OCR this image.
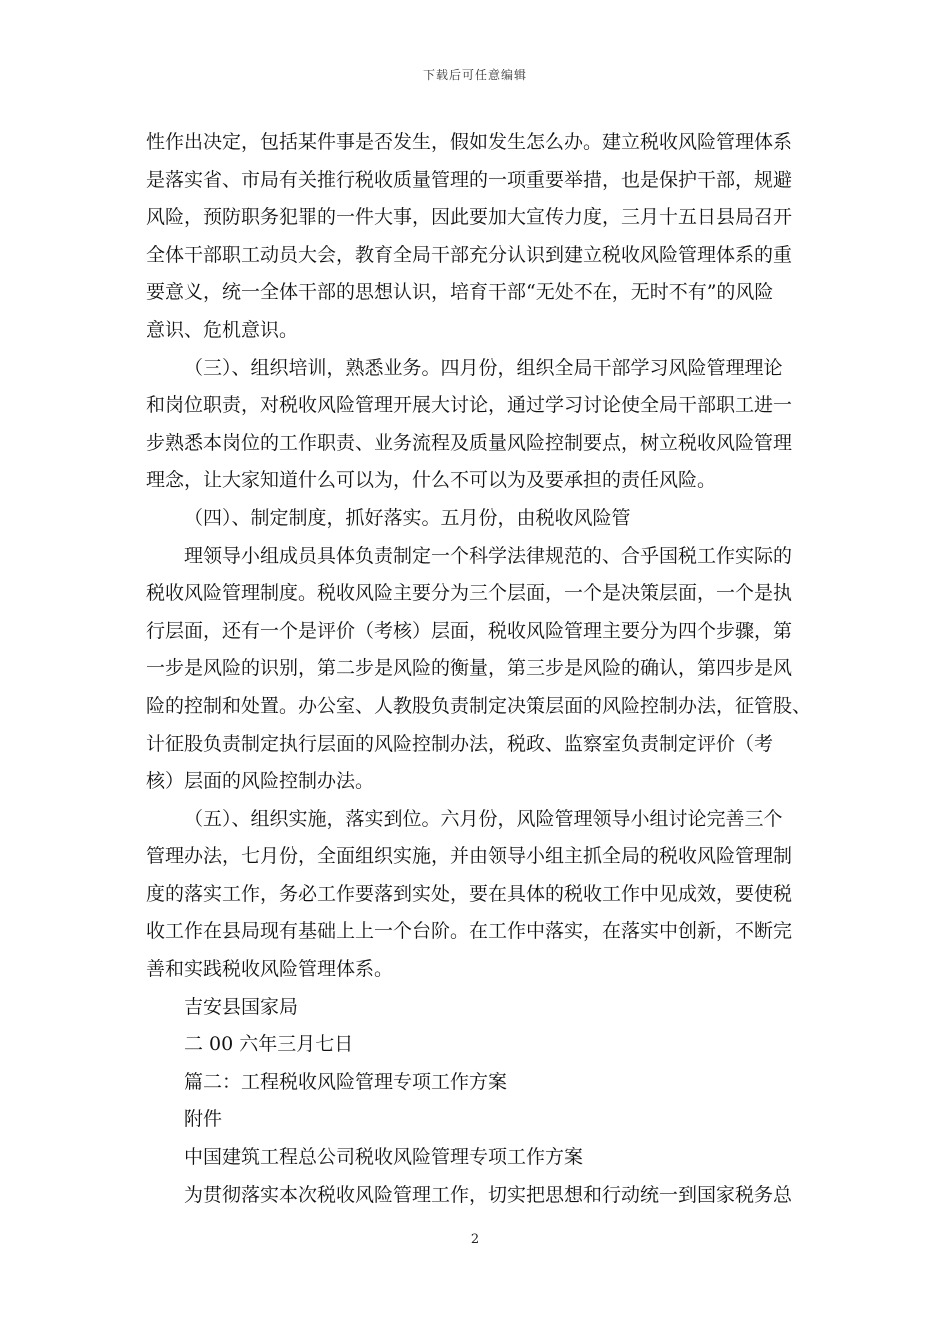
下载后可任意编辑
性作出决定，包括某件事是否发生，假如发生怎么办。建立税收风险管理体系
是落实省、市局有关推行税收质量管理的一项重要举措，也是保护干部，规避
风险，预防职务犯罪的一件大事，因此要加大宣传力度，三月十五日县局召开
全体干部职工动员大会，教育全局干部充分认识到建立税收风险管理体系的重
要意义，统一全体干部的思想认识，培育干部“无处不在，无时不有”的风险
意识、危机意识。
（三）、组织培训，熟悉业务。四月份，组织全局干部学习风险管理理论
和岗位职责，对税收风险管理开展大讨论，通过学习讨论使全局干部职工进一
步熟悉本岗位的工作职责、业务流程及质量风险控制要点，树立税收风险管理
理念，让大家知道什么可以为，什么不可以为及要承担的责任风险。
（四）、制定制度，抓好落实。五月份，由税收风险管
理领导小组成员具体负责制定一个科学法律规范的、合乎国税工作实际的
税收风险管理制度。税收风险主要分为三个层面，一个是决策层面，一个是执
行层面，还有一个是评价（考核）层面，税收风险管理主要分为四个步骤，第
一步是风险的识别，第二步是风险的衡量，第三步是风险的确认，第四步是风
险的控制和处置。办公室、人教股负责制定决策层面的风险控制办法，征管股、
计征股负责制定执行层面的风险控制办法，税政、监察室负责制定评价（考
核）层面的风险控制办法。
（五）、组织实施，落实到位。六月份，风险管理领导小组讨论完善三个
管理办法，七月份，全面组织实施，并由领导小组主抓全局的税收风险管理制
度的落实工作，务必工作要落到实处，要在具体的税收工作中见成效，要使税
收工作在县局现有基础上上一个台阶。在工作中落实，在落实中创新，不断完
善和实践税收风险管理体系。
吉安县国家局
二 00 六年三月七日
篇二：工程税收风险管理专项工作方案
附件
中国建筑工程总公司税收风险管理专项工作方案
为贯彻落实本次税收风险管理工作，切实把思想和行动统一到国家税务总
2
